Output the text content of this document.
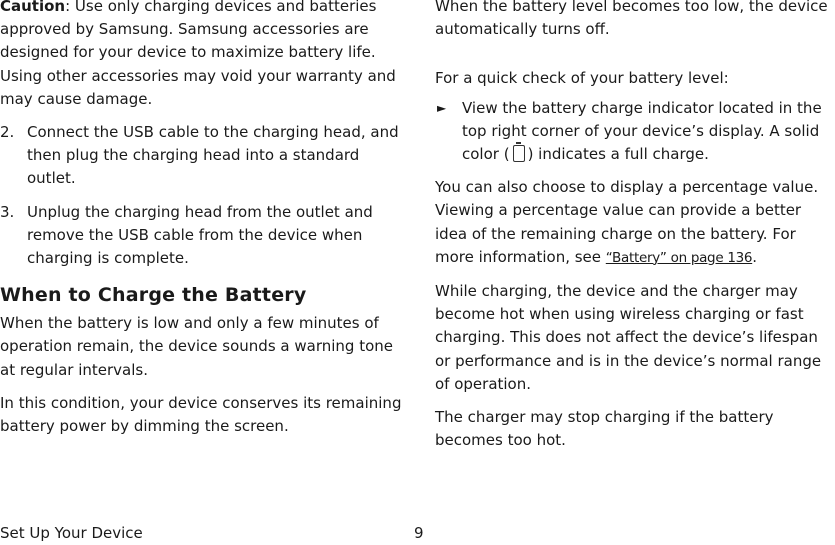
Caution: Use only charging devices and batteries approved by Samsung. Samsung accessories are designed for your device to maximize battery life. Using other accessories may void your warranty and may cause damage.

2. Connect the USB cable to the charging head, and then plug the charging head into a standard outlet.
3. Unplug the charging head from the outlet and remove the USB cable from the device when charging is complete.
When to Charge the Battery

When the battery is low and only a few minutes of operation remain, the device sounds a warning tone at regular intervals.

In this condition, your device conserves its remaining battery power by dimming the screen.

When the battery level becomes too low, the device automatically turns off.

For a quick check of your battery level:

► View the battery charge indicator located in the top right corner of your device’s display. A solid color ( ) indicates a full charge.

You can also choose to display a percentage value. Viewing a percentage value can provide a better idea of the remaining charge on the battery. For more information, see “Battery” on page 136.

While charging, the device and the charger may become hot when using wireless charging or fast charging. This does not affect the device’s lifespan or performance and is in the device’s normal range of operation.

The charger may stop charging if the battery becomes too hot.

Set Up Your Device	9
